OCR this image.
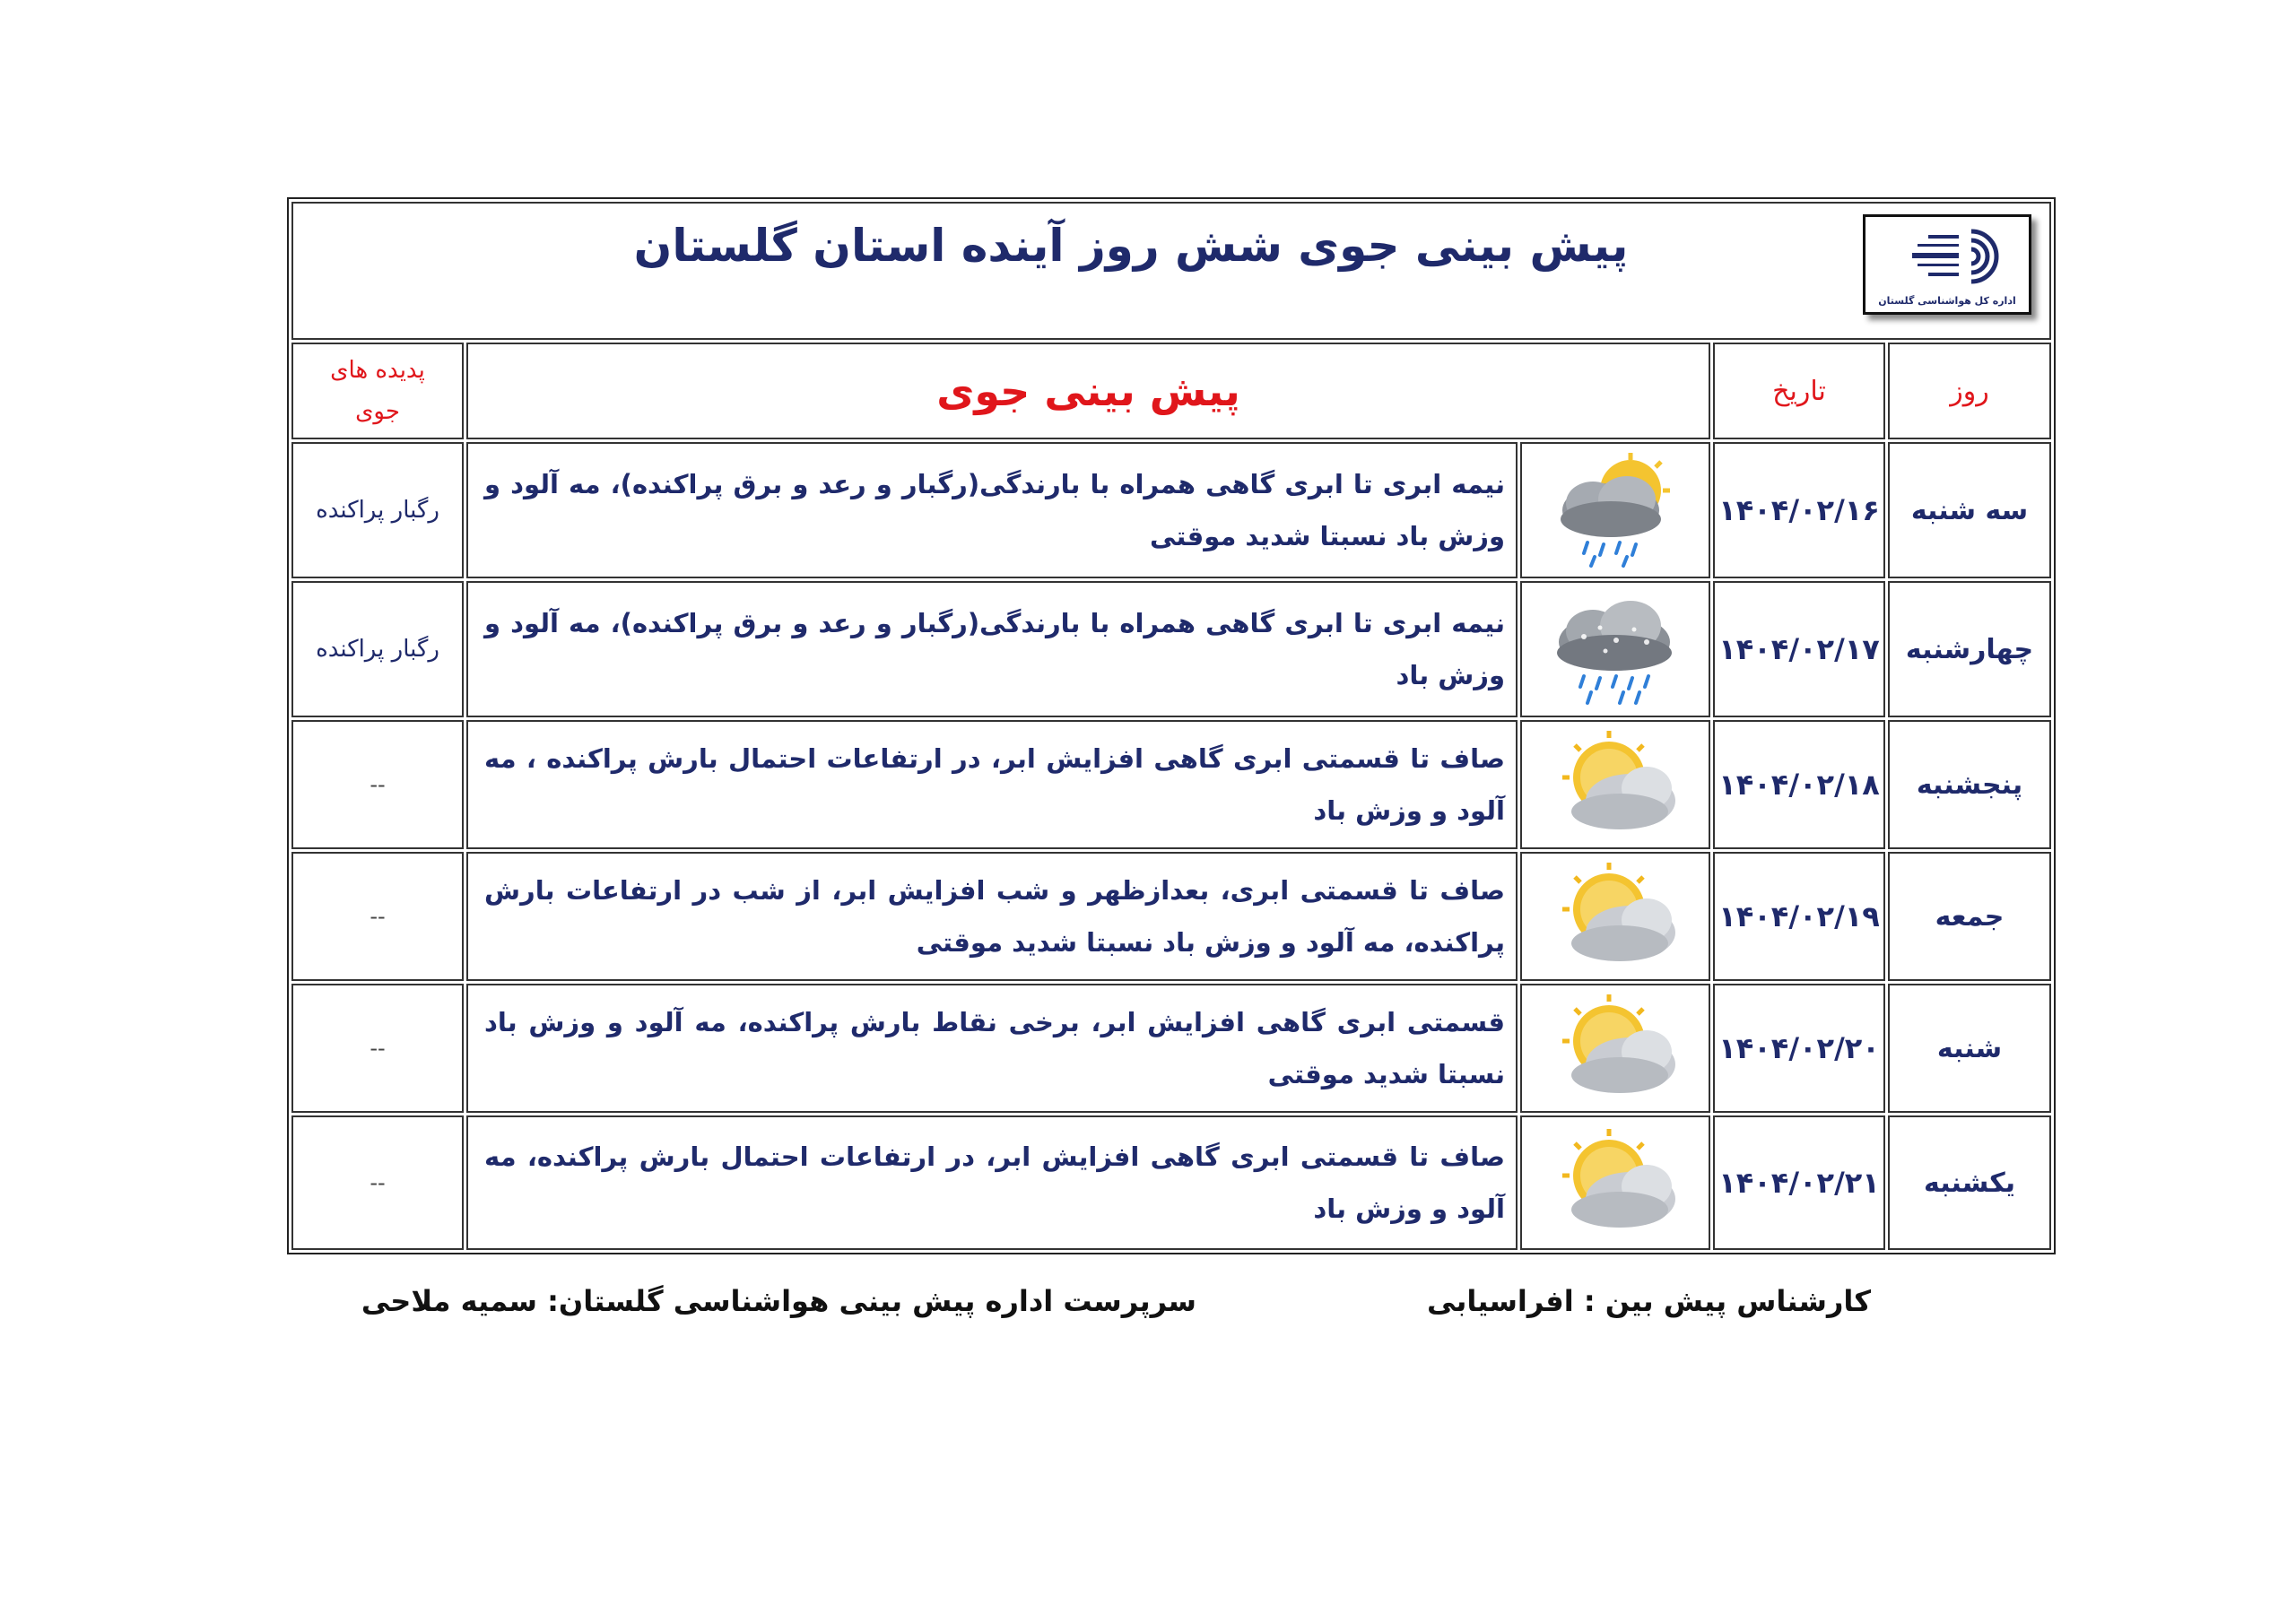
اداره کل هواشناسی گلستان
پیش بینی جوی شش روز آینده استان گلستان				

روز	تاریخ	پیش بینی جوی		پدیده های
جوی

سه شنبه	۱۴۰۴/۰۲/۱۶		نیمه ابری تا ابری گاهی همراه با بارندگی(رگبار و رعد و برق پراکنده)، مه آلود و وزش باد نسبتا شدید موقتی	رگبار پراکنده
چهارشنبه	۱۴۰۴/۰۲/۱۷		نیمه ابری تا ابری گاهی همراه با بارندگی(رگبار و رعد و برق پراکنده)، مه آلود و وزش باد	رگبار پراکنده
پنجشنبه	۱۴۰۴/۰۲/۱۸		صاف تا قسمتی ابری گاهی افزایش ابر، در ارتفاعات احتمال بارش پراکنده ، مه آلود و وزش باد	--
جمعه	۱۴۰۴/۰۲/۱۹		صاف تا قسمتی ابری، بعدازظهر و شب افزایش ابر، از شب در ارتفاعات بارش پراکنده، مه آلود و وزش باد نسبتا شدید موقتی	--
شنبه	۱۴۰۴/۰۲/۲۰		قسمتی ابری گاهی افزایش ابر، برخی نقاط بارش پراکنده، مه آلود و وزش باد نسبتا شدید موقتی	--
یکشنبه	۱۴۰۴/۰۲/۲۱		صاف تا قسمتی ابری گاهی افزایش ابر، در ارتفاعات احتمال بارش پراکنده، مه آلود و وزش باد	--
کارشناس پیش بین : افراسیابی
سرپرست اداره پیش بینی هواشناسی گلستان: سمیه ملاحی
